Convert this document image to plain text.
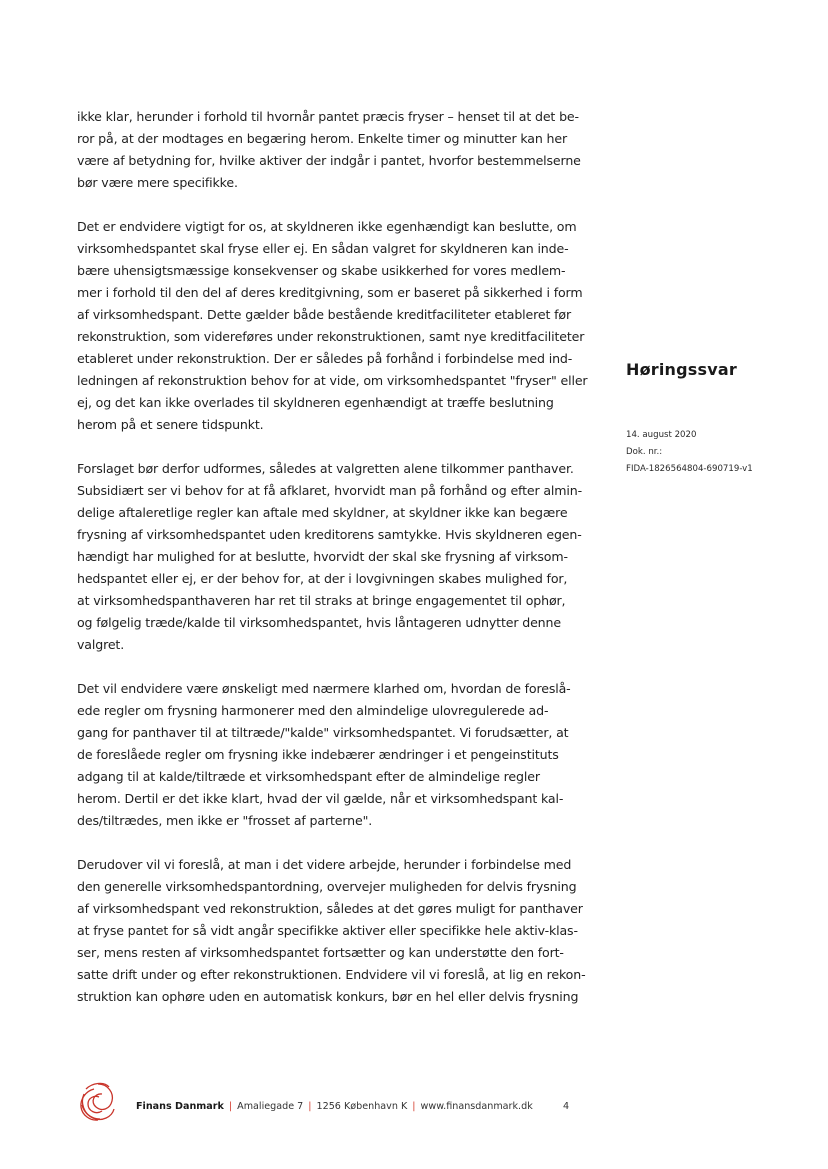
ikke klar, herunder i forhold til hvornår pantet præcis fryser – henset til at det be-
ror på, at der modtages en begæring herom. Enkelte timer og minutter kan her
være af betydning for, hvilke aktiver der indgår i pantet, hvorfor bestemmelserne
bør være mere specifikke.
Det er endvidere vigtigt for os, at skyldneren ikke egenhændigt kan beslutte, om
virksomhedspantet skal fryse eller ej. En sådan valgret for skyldneren kan inde-
bære uhensigtsmæssige konsekvenser og skabe usikkerhed for vores medlem-
mer i forhold til den del af deres kreditgivning, som er baseret på sikkerhed i form
af virksomhedspant. Dette gælder både bestående kreditfaciliteter etableret før
rekonstruktion, som videreføres under rekonstruktionen, samt nye kreditfaciliteter
etableret under rekonstruktion. Der er således på forhånd i forbindelse med ind-
ledningen af rekonstruktion behov for at vide, om virksomhedspantet "fryser" eller
ej, og det kan ikke overlades til skyldneren egenhændigt at træffe beslutning
herom på et senere tidspunkt.
Forslaget bør derfor udformes, således at valgretten alene tilkommer panthaver.
Subsidiært ser vi behov for at få afklaret, hvorvidt man på forhånd og efter almin-
delige aftaleretlige regler kan aftale med skyldner, at skyldner ikke kan begære
frysning af virksomhedspantet uden kreditorens samtykke. Hvis skyldneren egen-
hændigt har mulighed for at beslutte, hvorvidt der skal ske frysning af virksom-
hedspantet eller ej, er der behov for, at der i lovgivningen skabes mulighed for,
at virksomhedspanthaveren har ret til straks at bringe engagementet til ophør,
og følgelig træde/kalde til virksomhedspantet, hvis låntageren udnytter denne
valgret.
Det vil endvidere være ønskeligt med nærmere klarhed om, hvordan de foreslå-
ede regler om frysning harmonerer med den almindelige ulovregulerede ad-
gang for panthaver til at tiltræde/"kalde" virksomhedspantet. Vi forudsætter, at
de foreslåede regler om frysning ikke indebærer ændringer i et pengeinstituts
adgang til at kalde/tiltræde et virksomhedspant efter de almindelige regler
herom. Dertil er det ikke klart, hvad der vil gælde, når et virksomhedspant kal-
des/tiltrædes, men ikke er "frosset af parterne".
Derudover vil vi foreslå, at man i det videre arbejde, herunder i forbindelse med
den generelle virksomhedspantordning, overvejer muligheden for delvis frysning
af virksomhedspant ved rekonstruktion, således at det gøres muligt for panthaver
at fryse pantet for så vidt angår specifikke aktiver eller specifikke hele aktiv-klas-
ser, mens resten af virksomhedspantet fortsætter og kan understøtte den fort-
satte drift under og efter rekonstruktionen. Endvidere vil vi foreslå, at lig en rekon-
struktion kan ophøre uden en automatisk konkurs, bør en hel eller delvis frysning
Høringssvar
14. august 2020
Dok. nr.:
FIDA-1826564804-690719-v1
Finans Danmark | Amaliegade 7 | 1256 København K | www.finansdanmark.dk	4
